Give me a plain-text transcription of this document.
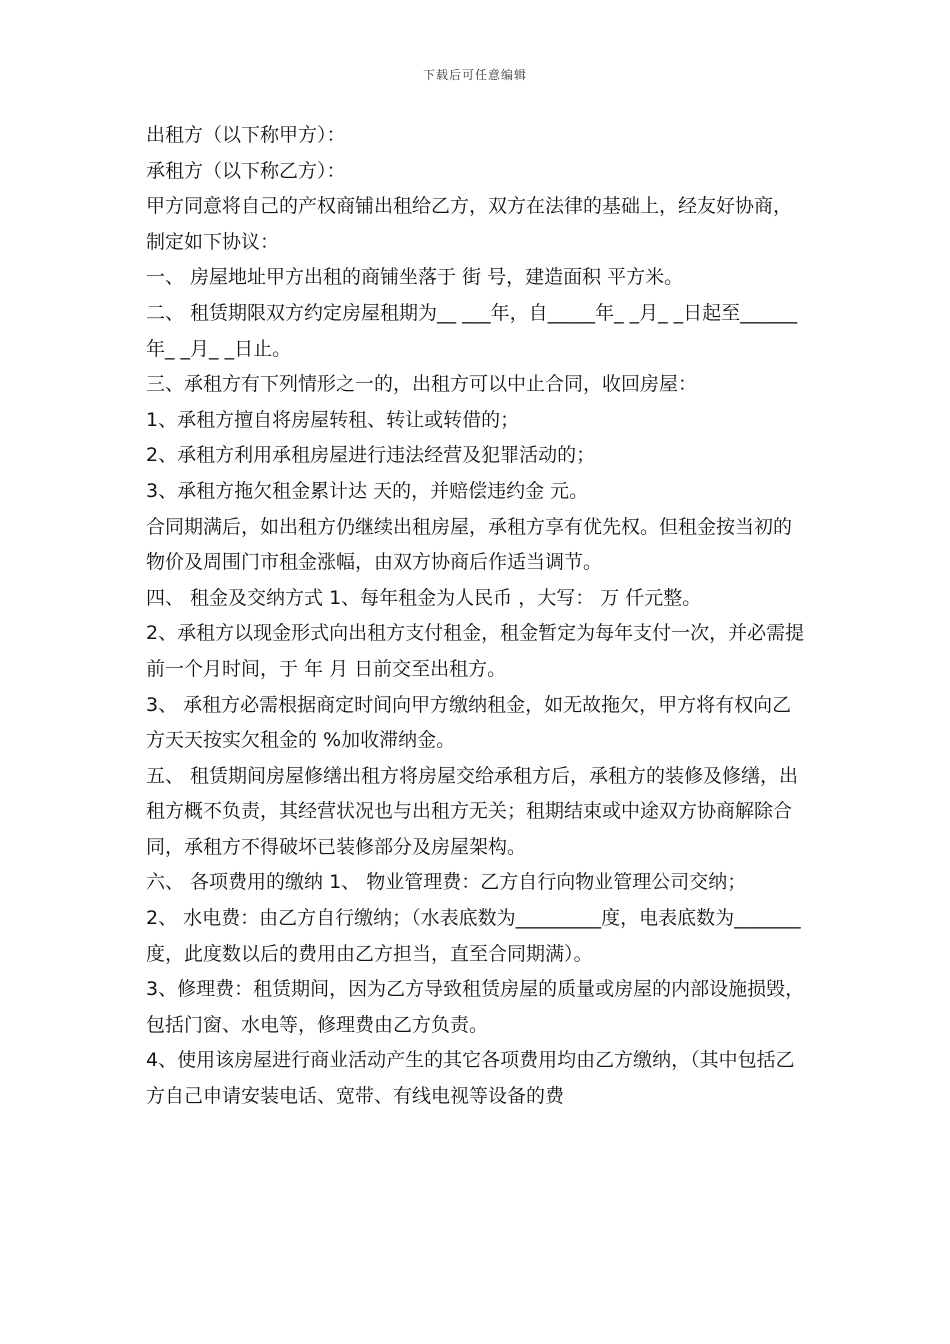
下载后可任意编辑

出租方（以下称甲方）：

承租方（以下称乙方）：

甲方同意将自己的产权商铺出租给乙方，双方在法律的基础上，经友好协商，制定如下协议：

一、 房屋地址甲方出租的商铺坐落于 街 号，建造面积 平方米。

二、 租赁期限双方约定房屋租期为__ ___年，自_____年_ _月_ _日起至______年_ _月_ _日止。

三、承租方有下列情形之一的，出租方可以中止合同，收回房屋：

1、承租方擅自将房屋转租、转让或转借的；

2、承租方利用承租房屋进行违法经营及犯罪活动的；

3、承租方拖欠租金累计达 天的，并赔偿违约金 元。

合同期满后，如出租方仍继续出租房屋，承租方享有优先权。但租金按当初的物价及周围门市租金涨幅，由双方协商后作适当调节。

四、 租金及交纳方式 1、每年租金为人民币 ，大写： 万 仟元整。

2、承租方以现金形式向出租方支付租金，租金暂定为每年支付一次，并必需提前一个月时间，于 年 月 日前交至出租方。

3、 承租方必需根据商定时间向甲方缴纳租金，如无故拖欠，甲方将有权向乙方天天按实欠租金的 %加收滞纳金。

五、 租赁期间房屋修缮出租方将房屋交给承租方后，承租方的装修及修缮，出租方概不负责，其经营状况也与出租方无关；租期结束或中途双方协商解除合同，承租方不得破坏已装修部分及房屋架构。

六、 各项费用的缴纳 1、 物业管理费：乙方自行向物业管理公司交纳；

2、 水电费：由乙方自行缴纳；（水表底数为_________度，电表底数为_______度，此度数以后的费用由乙方担当，直至合同期满）。

3、修理费：租赁期间，因为乙方导致租赁房屋的质量或房屋的内部设施损毁，包括门窗、水电等，修理费由乙方负责。

4、使用该房屋进行商业活动产生的其它各项费用均由乙方缴纳，（其中包括乙方自己申请安装电话、宽带、有线电视等设备的费
